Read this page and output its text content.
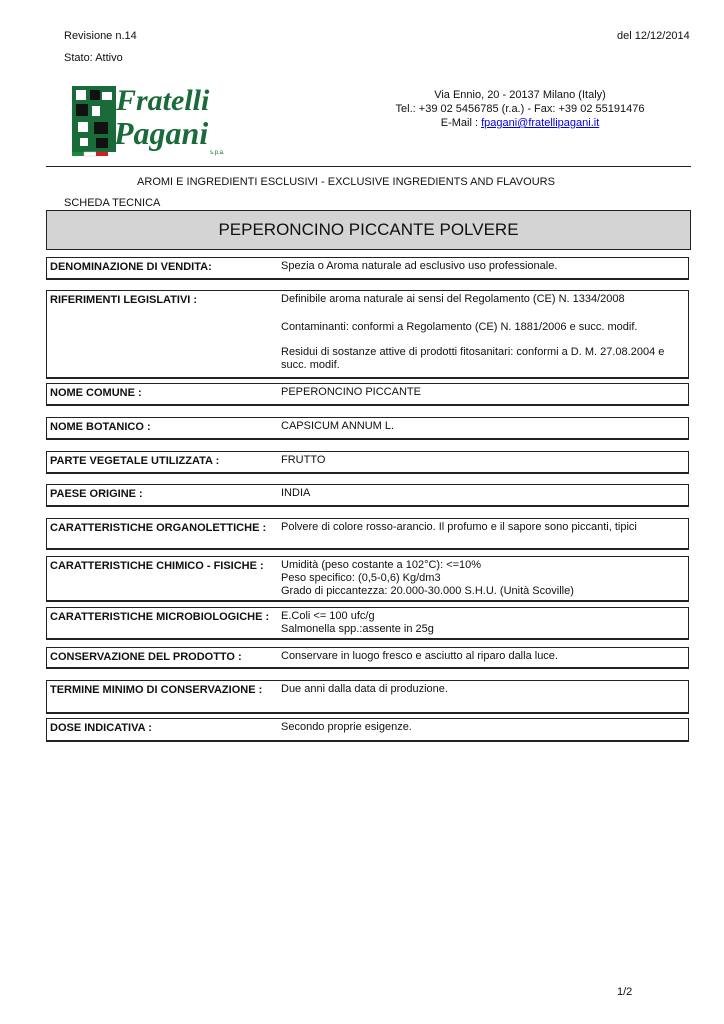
Revisione n.14	del 12/12/2014
Stato: Attivo
Fratelli
Pagani
s.p.a.
Via Ennio, 20 - 20137 Milano (Italy)
Tel.: +39 02 5456785 (r.a.) - Fax: +39 02 55191476
E-Mail : fpagani@fratellipagani.it
AROMI E INGREDIENTI ESCLUSIVI - EXCLUSIVE INGREDIENTS AND FLAVOURS
SCHEDA TECNICA
PEPERONCINO PICCANTE POLVERE
DENOMINAZIONE DI VENDITA:	Spezia o Aroma naturale ad esclusivo uso professionale.

RIFERIMENTI LEGISLATIVI :	Definibile aroma naturale ai sensi del Regolamento (CE) N. 1334/2008

Contaminanti: conformi a Regolamento (CE) N. 1881/2006 e succ. modif.

Residui di sostanze attive di prodotti fitosanitari: conformi a D. M. 27.08.2004 e succ. modif.

NOME COMUNE :	PEPERONCINO PICCANTE

NOME BOTANICO :	CAPSICUM ANNUM L.

PARTE VEGETALE UTILIZZATA :	FRUTTO

PAESE ORIGINE :	INDIA

CARATTERISTICHE ORGANOLETTICHE :	Polvere di colore rosso-arancio. Il profumo e il sapore sono piccanti, tipici

CARATTERISTICHE CHIMICO - FISICHE :	Umidità (peso costante a 102°C): <=10%

Peso specifico: (0,5-0,6) Kg/dm3

Grado di piccantezza: 20.000-30.000 S.H.U. (Unità Scoville)

CARATTERISTICHE MICROBIOLOGICHE : E.Coli <= 100 ufc/g

Salmonella spp.:assente in 25g

CONSERVAZIONE DEL PRODOTTO :	Conservare in luogo fresco e asciutto al riparo dalla luce.

TERMINE MINIMO DI CONSERVAZIONE :	Due anni dalla data di produzione.

DOSE INDICATIVA :	Secondo proprie esigenze.

1/2
